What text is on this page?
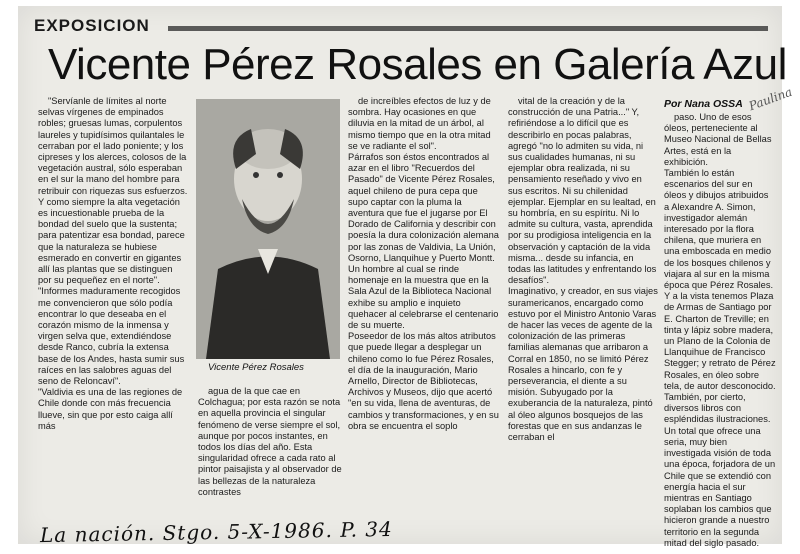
EXPOSICION
Vicente Pérez Rosales en Galería Azul
Por Nana OSSA Paulina

"Servíanle de límites al norte selvas vírgenes de empinados robles; gruesas lumas, corpulentos laureles y tupidísimos quilantales le cerraban por el lado poniente; y los cipreses y los alerces, colosos de la vegetación austral, sólo esperaban en el sur la mano del hombre para retribuir con riquezas sus esfuerzos. Y como siempre la alta vegetación es incuestionable prueba de la bondad del suelo que la sustenta; para patentizar esa bondad, parece que la naturaleza se hubiese esmerado en convertir en gigantes allí las plantas que se distinguen por su pequeñez en el norte".
"Informes maduramente recogidos me convencieron que sólo podía encontrar lo que deseaba en el corazón mismo de la inmensa y virgen selva que, extendiéndose desde Ranco, cubría la extensa base de los Andes, hasta sumir sus raíces en las salobres aguas del seno de Reloncaví".
"Valdivia es una de las regiones de Chile donde con más frecuencia llueve, sin que por esto caiga allí más

Vicente Pérez Rosales

agua de la que cae en Colchagua; por esta razón se nota en aquella provincia el singular fenómeno de verse siempre el sol, aunque por pocos instantes, en todos los días del año. Esta singularidad ofrece a cada rato al pintor paisajista y al observador de las bellezas de la naturaleza contrastes

de increíbles efectos de luz y de sombra. Hay ocasiones en que diluvia en la mitad de un árbol, al mismo tiempo que en la otra mitad se ve radiante el sol".
Párrafos son éstos encontrados al azar en el libro "Recuerdos del Pasado" de Vicente Pérez Rosales, aquel chileno de pura cepa que supo captar con la pluma la aventura que fue el jugarse por El Dorado de California y describir con poesía la dura colonización alemana por las zonas de Valdivia, La Unión, Osorno, Llanquihue y Puerto Montt. Un hombre al cual se rinde homenaje en la muestra que en la Sala Azul de la Biblioteca Nacional exhibe su amplio e inquieto quehacer al celebrarse el centenario de su muerte.
Poseedor de los más altos atributos que puede llegar a desplegar un chileno como lo fue Pérez Rosales, el día de la inauguración, Mario Arnello, Director de Bibliotecas, Archivos y Museos, dijo que acertó "en su vida, llena de aventuras, de cambios y transformaciones, y en su obra se encuentra el soplo

vital de la creación y de la construcción de una Patria..." Y, refiriéndose a lo difícil que es describirlo en pocas palabras, agregó "no lo admiten su vida, ni sus cualidades humanas, ni su ejemplar obra realizada, ni su pensamiento reseñado y vivo en sus escritos. Ni su chilenidad ejemplar. Ejemplar en su lealtad, en su hombría, en su espíritu. Ni lo admite su cultura, vasta, aprendida por su prodigiosa inteligencia en la observación y captación de la vida misma... desde su infancia, en todas las latitudes y enfrentando los desafíos".
Imaginativo, y creador, en sus viajes suramericanos, encargado como estuvo por el Ministro Antonio Varas de hacer las veces de agente de la colonización de las primeras familias alemanas que arribaron a Corral en 1850, no se limitó Pérez Rosales a hincarlo, con fe y perseverancia, el diente a su misión. Subyugado por la exuberancia de la naturaleza, pintó al óleo algunos bosquejos de las forestas que en sus andanzas le cerraban el

paso. Uno de esos óleos, perteneciente al Museo Nacional de Bellas Artes, está en la exhibición.
También lo están escenarios del sur en óleos y dibujos atribuidos a Alexandre A. Simon, investigador alemán interesado por la flora chilena, que muriera en una emboscada en medio de los bosques chilenos y viajara al sur en la misma época que Pérez Rosales. Y a la vista tenemos Plaza de Armas de Santiago por E. Charton de Treville; en tinta y lápiz sobre madera, un Plano de la Colonia de Llanquihue de Francisco Stegger; y retrato de Pérez Rosales, en óleo sobre tela, de autor desconocido. También, por cierto, diversos libros con espléndidas ilustraciones. Un total que ofrece una seria, muy bien investigada visión de toda una época, forjadora de un Chile que se extendió con energía hacia el sur mientras en Santiago soplaban los cambios que hicieron grande a nuestro territorio en la segunda mitad del siglo pasado.

La nación. Stgo. 5-X-1986. P. 34
